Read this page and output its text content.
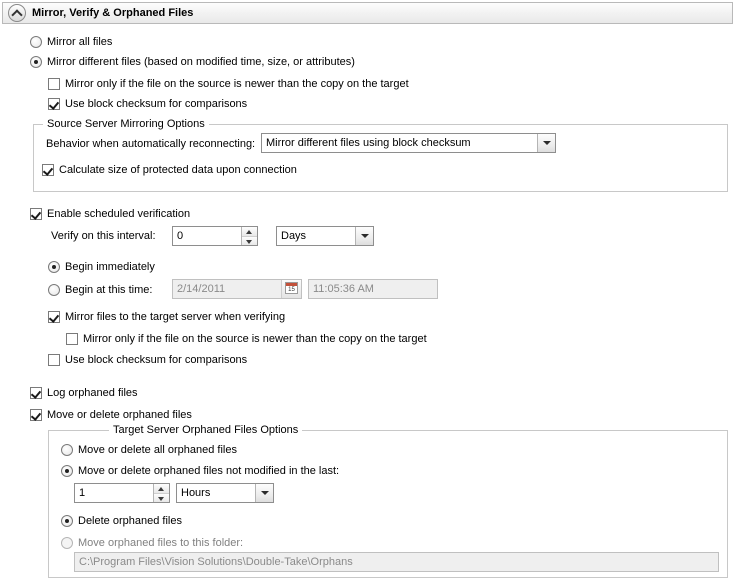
Mirror, Verify & Orphaned Files
Mirror all files
Mirror different files (based on modified time, size, or attributes)
Mirror only if the file on the source is newer than the copy on the target
Use block checksum for comparisons
Source Server Mirroring Options
Behavior when automatically reconnecting: Mirror different files using block checksum
Calculate size of protected data upon connection
Enable scheduled verification
Verify on this interval:	0	Days
Begin immediately
Begin at this time:	2/14/2011	15 11:05:36 AM
Mirror files to the target server when verifying
Mirror only if the file on the source is newer than the copy on the target
Use block checksum for comparisons
Log orphaned files
Move or delete orphaned files
Target Server Orphaned Files Options
Move or delete all orphaned files
Move or delete orphaned files not modified in the last:
1	Hours
Delete orphaned files
Move orphaned files to this folder:
C:\Program Files\Vision Solutions\Double-Take\Orphans
